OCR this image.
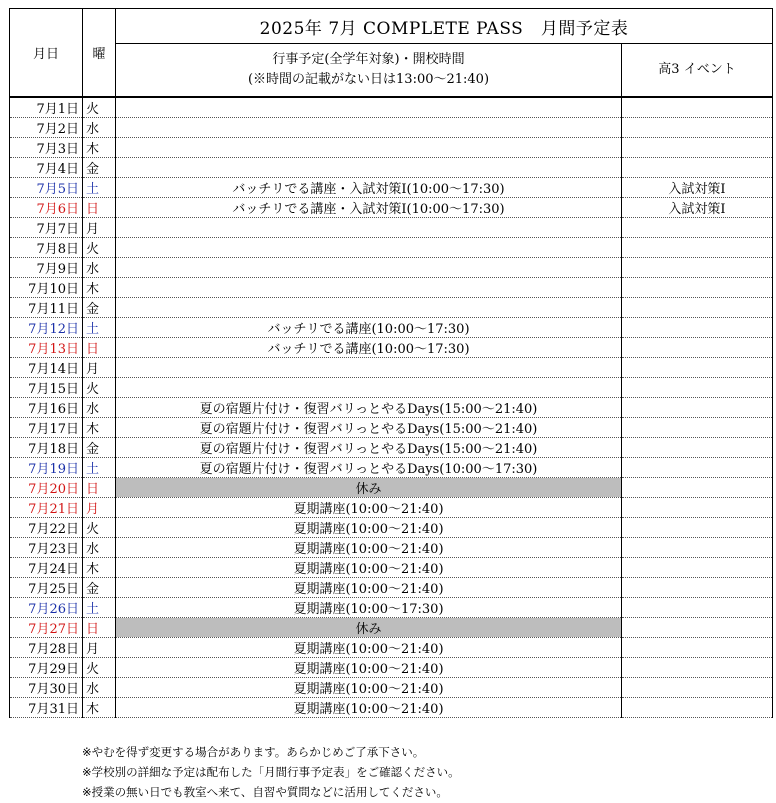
月日	曜	2025年 7月 COMPLETE PASS　月間予定表	

		行事予定(全学年対象)・開校時間
(※時間の記載がない日は13:00～21:40)	高3 イベント
7月1日	火		
7月2日	水		
7月3日	木		
7月4日	金		
7月5日	土	バッチリでる講座・入試対策Ⅰ(10:00～17:30)	入試対策Ⅰ
7月6日	日	バッチリでる講座・入試対策Ⅰ(10:00～17:30)	入試対策Ⅰ
7月7日	月		
7月8日	火		
7月9日	水		
7月10日	木		
7月11日	金		
7月12日	土	バッチリでる講座(10:00～17:30)	
7月13日	日	バッチリでる講座(10:00～17:30)	
7月14日	月		
7月15日	火		
7月16日	水	夏の宿題片付け・復習バリっとやるDays(15:00～21:40)	
7月17日	木	夏の宿題片付け・復習バリっとやるDays(15:00～21:40)	
7月18日	金	夏の宿題片付け・復習バリっとやるDays(15:00～21:40)	
7月19日	土	夏の宿題片付け・復習バリっとやるDays(10:00～17:30)	
7月20日	日	休み	
7月21日	月	夏期講座(10:00～21:40)	
7月22日	火	夏期講座(10:00～21:40)	
7月23日	水	夏期講座(10:00～21:40)	
7月24日	木	夏期講座(10:00～21:40)	
7月25日	金	夏期講座(10:00～21:40)	
7月26日	土	夏期講座(10:00～17:30)	
7月27日	日	休み	
7月28日	月	夏期講座(10:00～21:40)	
7月29日	火	夏期講座(10:00～21:40)	
7月30日	水	夏期講座(10:00～21:40)	
7月31日	木	夏期講座(10:00～21:40)	
※やむを得ず変更する場合があります。あらかじめご了承下さい。
※学校別の詳細な予定は配布した「月間行事予定表」をご確認ください。
※授業の無い日でも教室へ来て、自習や質問などに活用してください。
